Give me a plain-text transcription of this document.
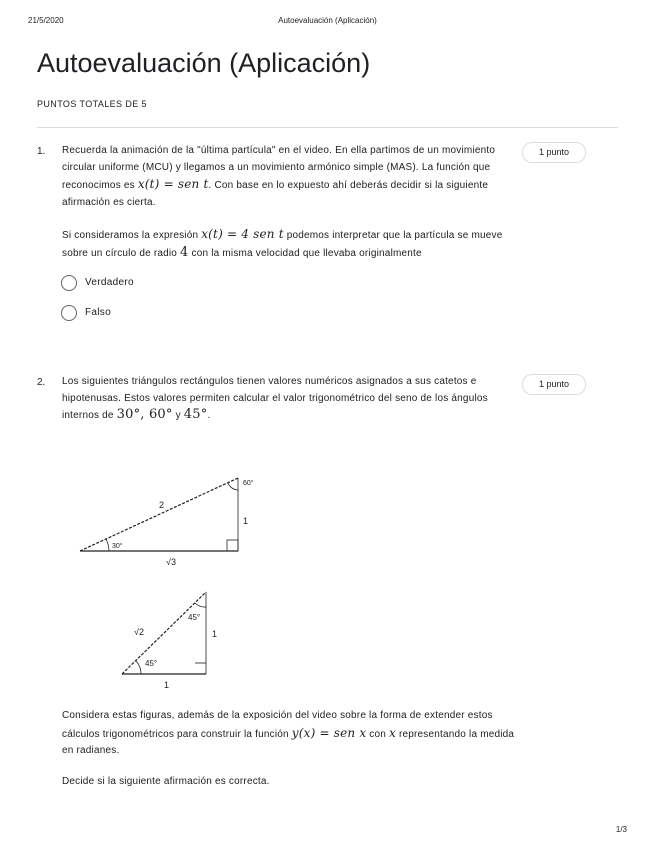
21/5/2020	Autoevaluación (Aplicación)
Autoevaluación (Aplicación)
PUNTOS TOTALES DE 5
1.	1 punto
Recuerda la animación de la "última partícula" en el video. En ella partimos de un movimiento circular uniforme (MCU) y llegamos a un movimiento armónico simple (MAS). La función que reconocimos es x(t) = sen t. Con base en lo expuesto ahí deberás decidir si la siguiente afirmación es cierta.
Si consideramos la expresión x(t) = 4 sen t podemos interpretar que la partícula se mueve sobre un círculo de radio 4 con la misma velocidad que llevaba originalmente
Verdadero
Falso
2.	1 punto
Los siguientes triángulos rectángulos tienen valores numéricos asignados a sus catetos e hipotenusas. Estos valores permiten calcular el valor trigonométrico del seno de los ángulos internos de 30°, 60° y 45°.
2
1
√3
30°
60°
√2	1
1
45°
45°
Considera estas figuras, además de la exposición del video sobre la forma de extender estos cálculos trigonométricos para construir la función y(x) = sen x con x representando la medida en radianes.
Decide si la siguiente afirmación es correcta.
1/3
